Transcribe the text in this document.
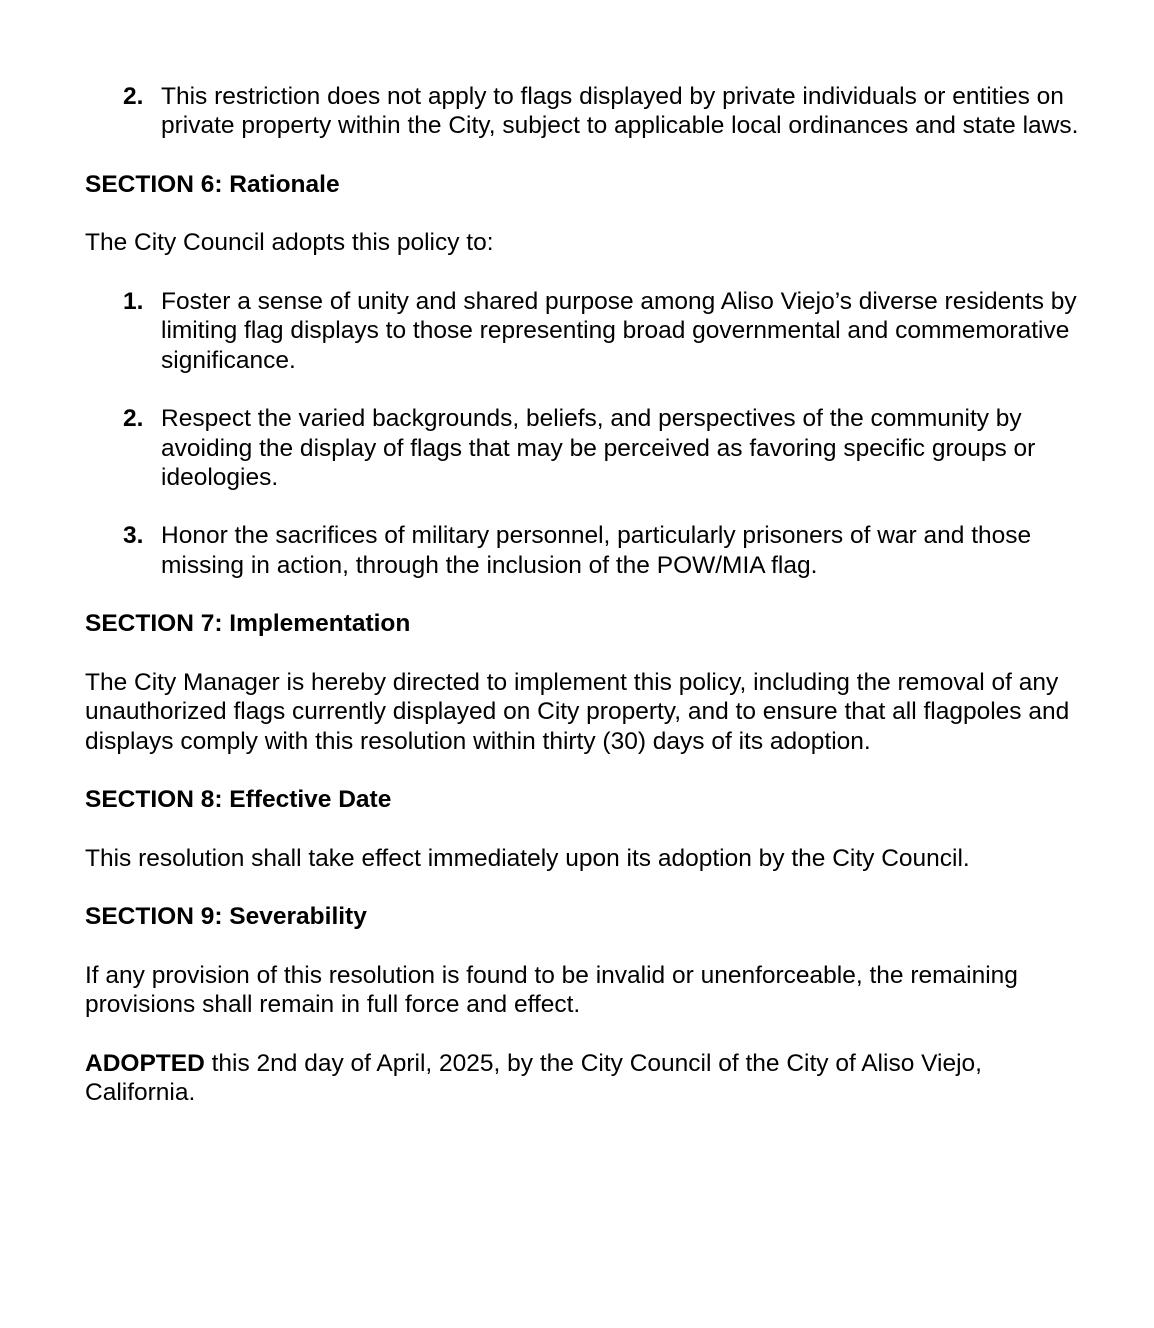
2. This restriction does not apply to flags displayed by private individuals or entities on private property within the City, subject to applicable local ordinances and state laws.

SECTION 6: Rationale

The City Council adopts this policy to:

1. Foster a sense of unity and shared purpose among Aliso Viejo’s diverse residents by limiting flag displays to those representing broad governmental and commemorative significance.
2. Respect the varied backgrounds, beliefs, and perspectives of the community by avoiding the display of flags that may be perceived as favoring specific groups or ideologies.
3. Honor the sacrifices of military personnel, particularly prisoners of war and those missing in action, through the inclusion of the POW/MIA flag.

SECTION 7: Implementation

The City Manager is hereby directed to implement this policy, including the removal of any unauthorized flags currently displayed on City property, and to ensure that all flagpoles and displays comply with this resolution within thirty (30) days of its adoption.

SECTION 8: Effective Date

This resolution shall take effect immediately upon its adoption by the City Council.

SECTION 9: Severability

If any provision of this resolution is found to be invalid or unenforceable, the remaining provisions shall remain in full force and effect.

ADOPTED this 2nd day of April, 2025, by the City Council of the City of Aliso Viejo, California.
